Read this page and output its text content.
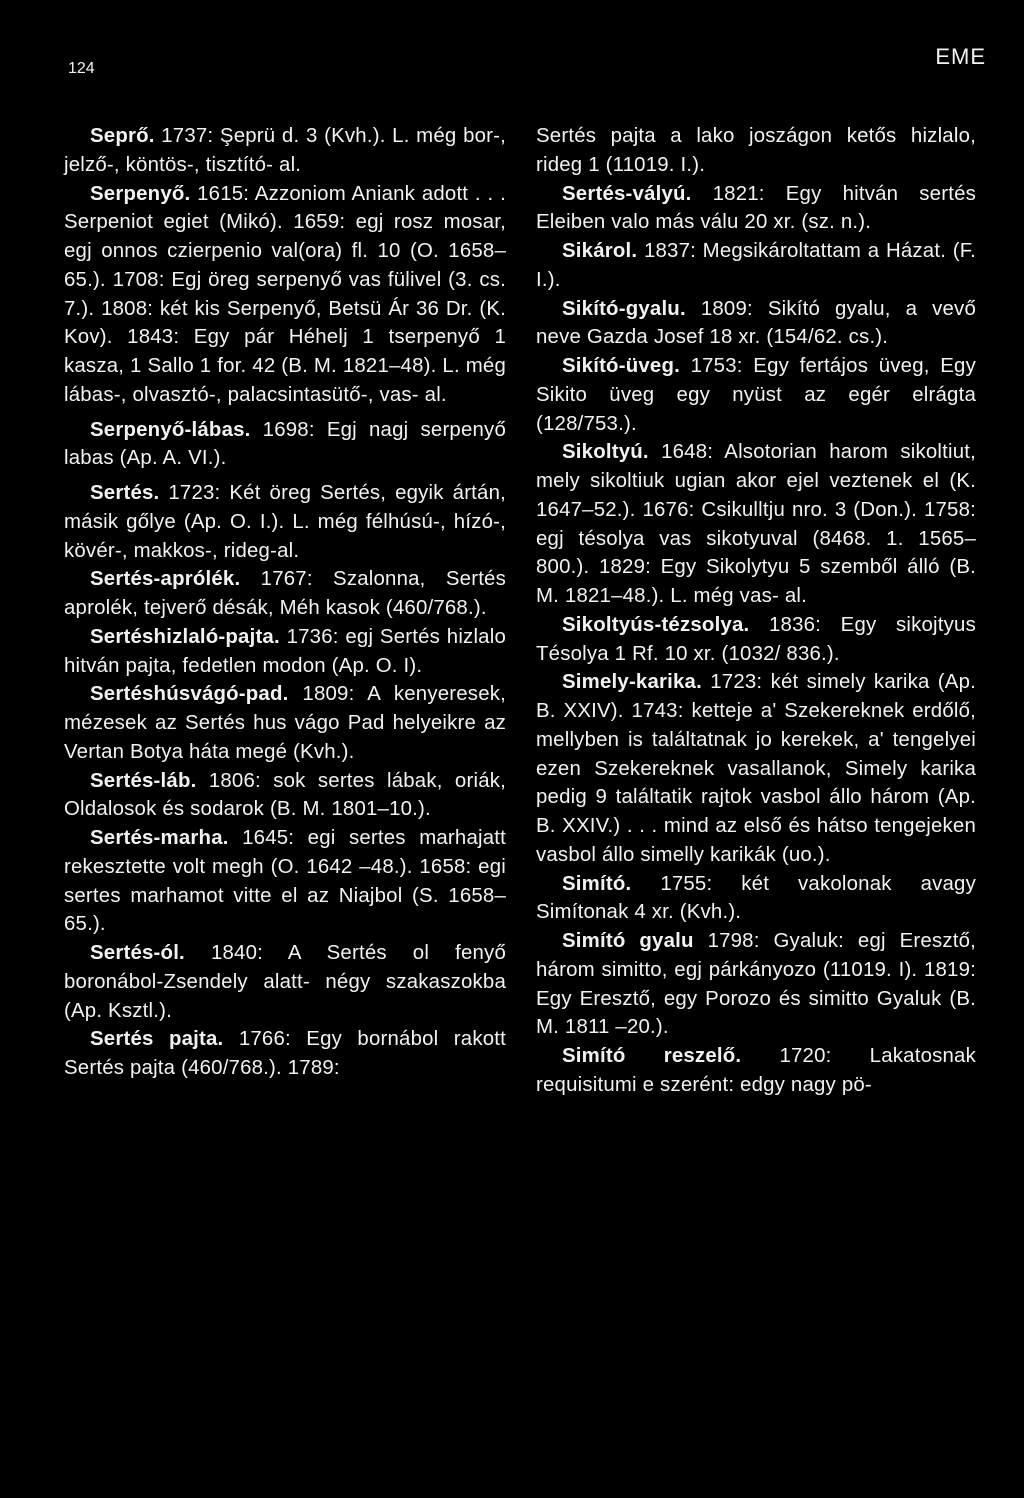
124	EME

Seprő. 1737: Şeprü d. 3 (Kvh.). L. még bor-, jelző-, köntös-, tisztító- al.

Serpenyő. 1615: Azzoniom Aniank adott . . . Serpeniot egiet (Mikó). 1659: egj rosz mosar, egj onnos czierpenio val(ora) fl. 10 (O. 1658–65.). 1708: Egj öreg serpenyő vas fülivel (3. cs. 7.). 1808: két kis Serpenyő, Betsü Ár 36 Dr. (K. Kov). 1843: Egy pár Héhelj 1 tserpenyő 1 kasza, 1 Sallo 1 for. 42 (B. M. 1821–48). L. még lábas-, olvasztó-, palacsintasütő-, vas- al.

Serpenyő-lábas. 1698: Egj nagj serpenyő labas (Ap. A. VI.).

Sertés. 1723: Két öreg Sertés, egyik ártán, másik gőlye (Ap. O. I.). L. még félhúsú-, hízó-, kövér-, makkos-, rideg-al.

Sertés-aprólék. 1767: Szalonna, Sertés aprolék, tejverő désák, Méh kasok (460/768.).

Sertéshizlaló-pajta. 1736: egj Sertés hizlalo hitván pajta, fedetlen modon (Ap. O. I).

Sertéshúsvágó-pad. 1809: A kenyeresek, mézesek az Sertés hus vágo Pad helyeikre az Vertan Botya háta megé (Kvh.).

Sertés-láb. 1806: sok sertes lábak, oriák, Oldalosok és sodarok (B. M. 1801–10.).

Sertés-marha. 1645: egi sertes marhajatt rekesztette volt megh (O. 1642 –48.). 1658: egi sertes marhamot vitte el az Niajbol (S. 1658–65.).

Sertés-ól. 1840: A Sertés ol fenyő boronábol-Zsendely alatt- négy szakaszokba (Ap. Ksztl.).

Sertés pajta. 1766: Egy bornábol rakott Sertés pajta (460/768.). 1789:

Sertés pajta a lako joszágon ketős hizlalo, rideg 1 (11019. I.).

Sertés-vályú. 1821: Egy hitván sertés Eleiben valo más válu 20 xr. (sz. n.).

Sikárol. 1837: Megsikároltattam a Házat. (F. I.).

Sikító-gyalu. 1809: Sikító gyalu, a vevő neve Gazda Josef 18 xr. (154/62. cs.).

Sikító-üveg. 1753: Egy fertájos üveg, Egy Sikito üveg egy nyüst az egér elrágta (128/753.).

Sikoltyú. 1648: Alsotorian harom sikoltiut, mely sikoltiuk ugian akor ejel veztenek el (K. 1647–52.). 1676: Csikulltju nro. 3 (Don.). 1758: egj tésolya vas sikotyuval (8468. 1. 1565–800.). 1829: Egy Sikolytyu 5 szemből álló (B. M. 1821–48.). L. még vas- al.

Sikoltyús-tézsolya. 1836: Egy sikojtyus Tésolya 1 Rf. 10 xr. (1032/ 836.).

Simely-karika. 1723: két simely karika (Ap. B. XXIV). 1743: ketteje a' Szekereknek erdőlő, mellyben is találtatnak jo kerekek, a' tengelyei ezen Szekereknek vasallanok, Simely karika pedig 9 találtatik rajtok vasbol állo három (Ap. B. XXIV.) . . . mind az első és hátso tengejeken vasbol állo simelly karikák (uo.).

Simító. 1755: két vakolonak avagy Simítonak 4 xr. (Kvh.).

Simító gyalu 1798: Gyaluk: egj Eresztő, három simitto, egj párkányozo (11019. I). 1819: Egy Eresztő, egy Porozo és simitto Gyaluk (B. M. 1811 –20.).

Simító reszelő. 1720: Lakatosnak requisitumi e szerént: edgy nagy pö-
